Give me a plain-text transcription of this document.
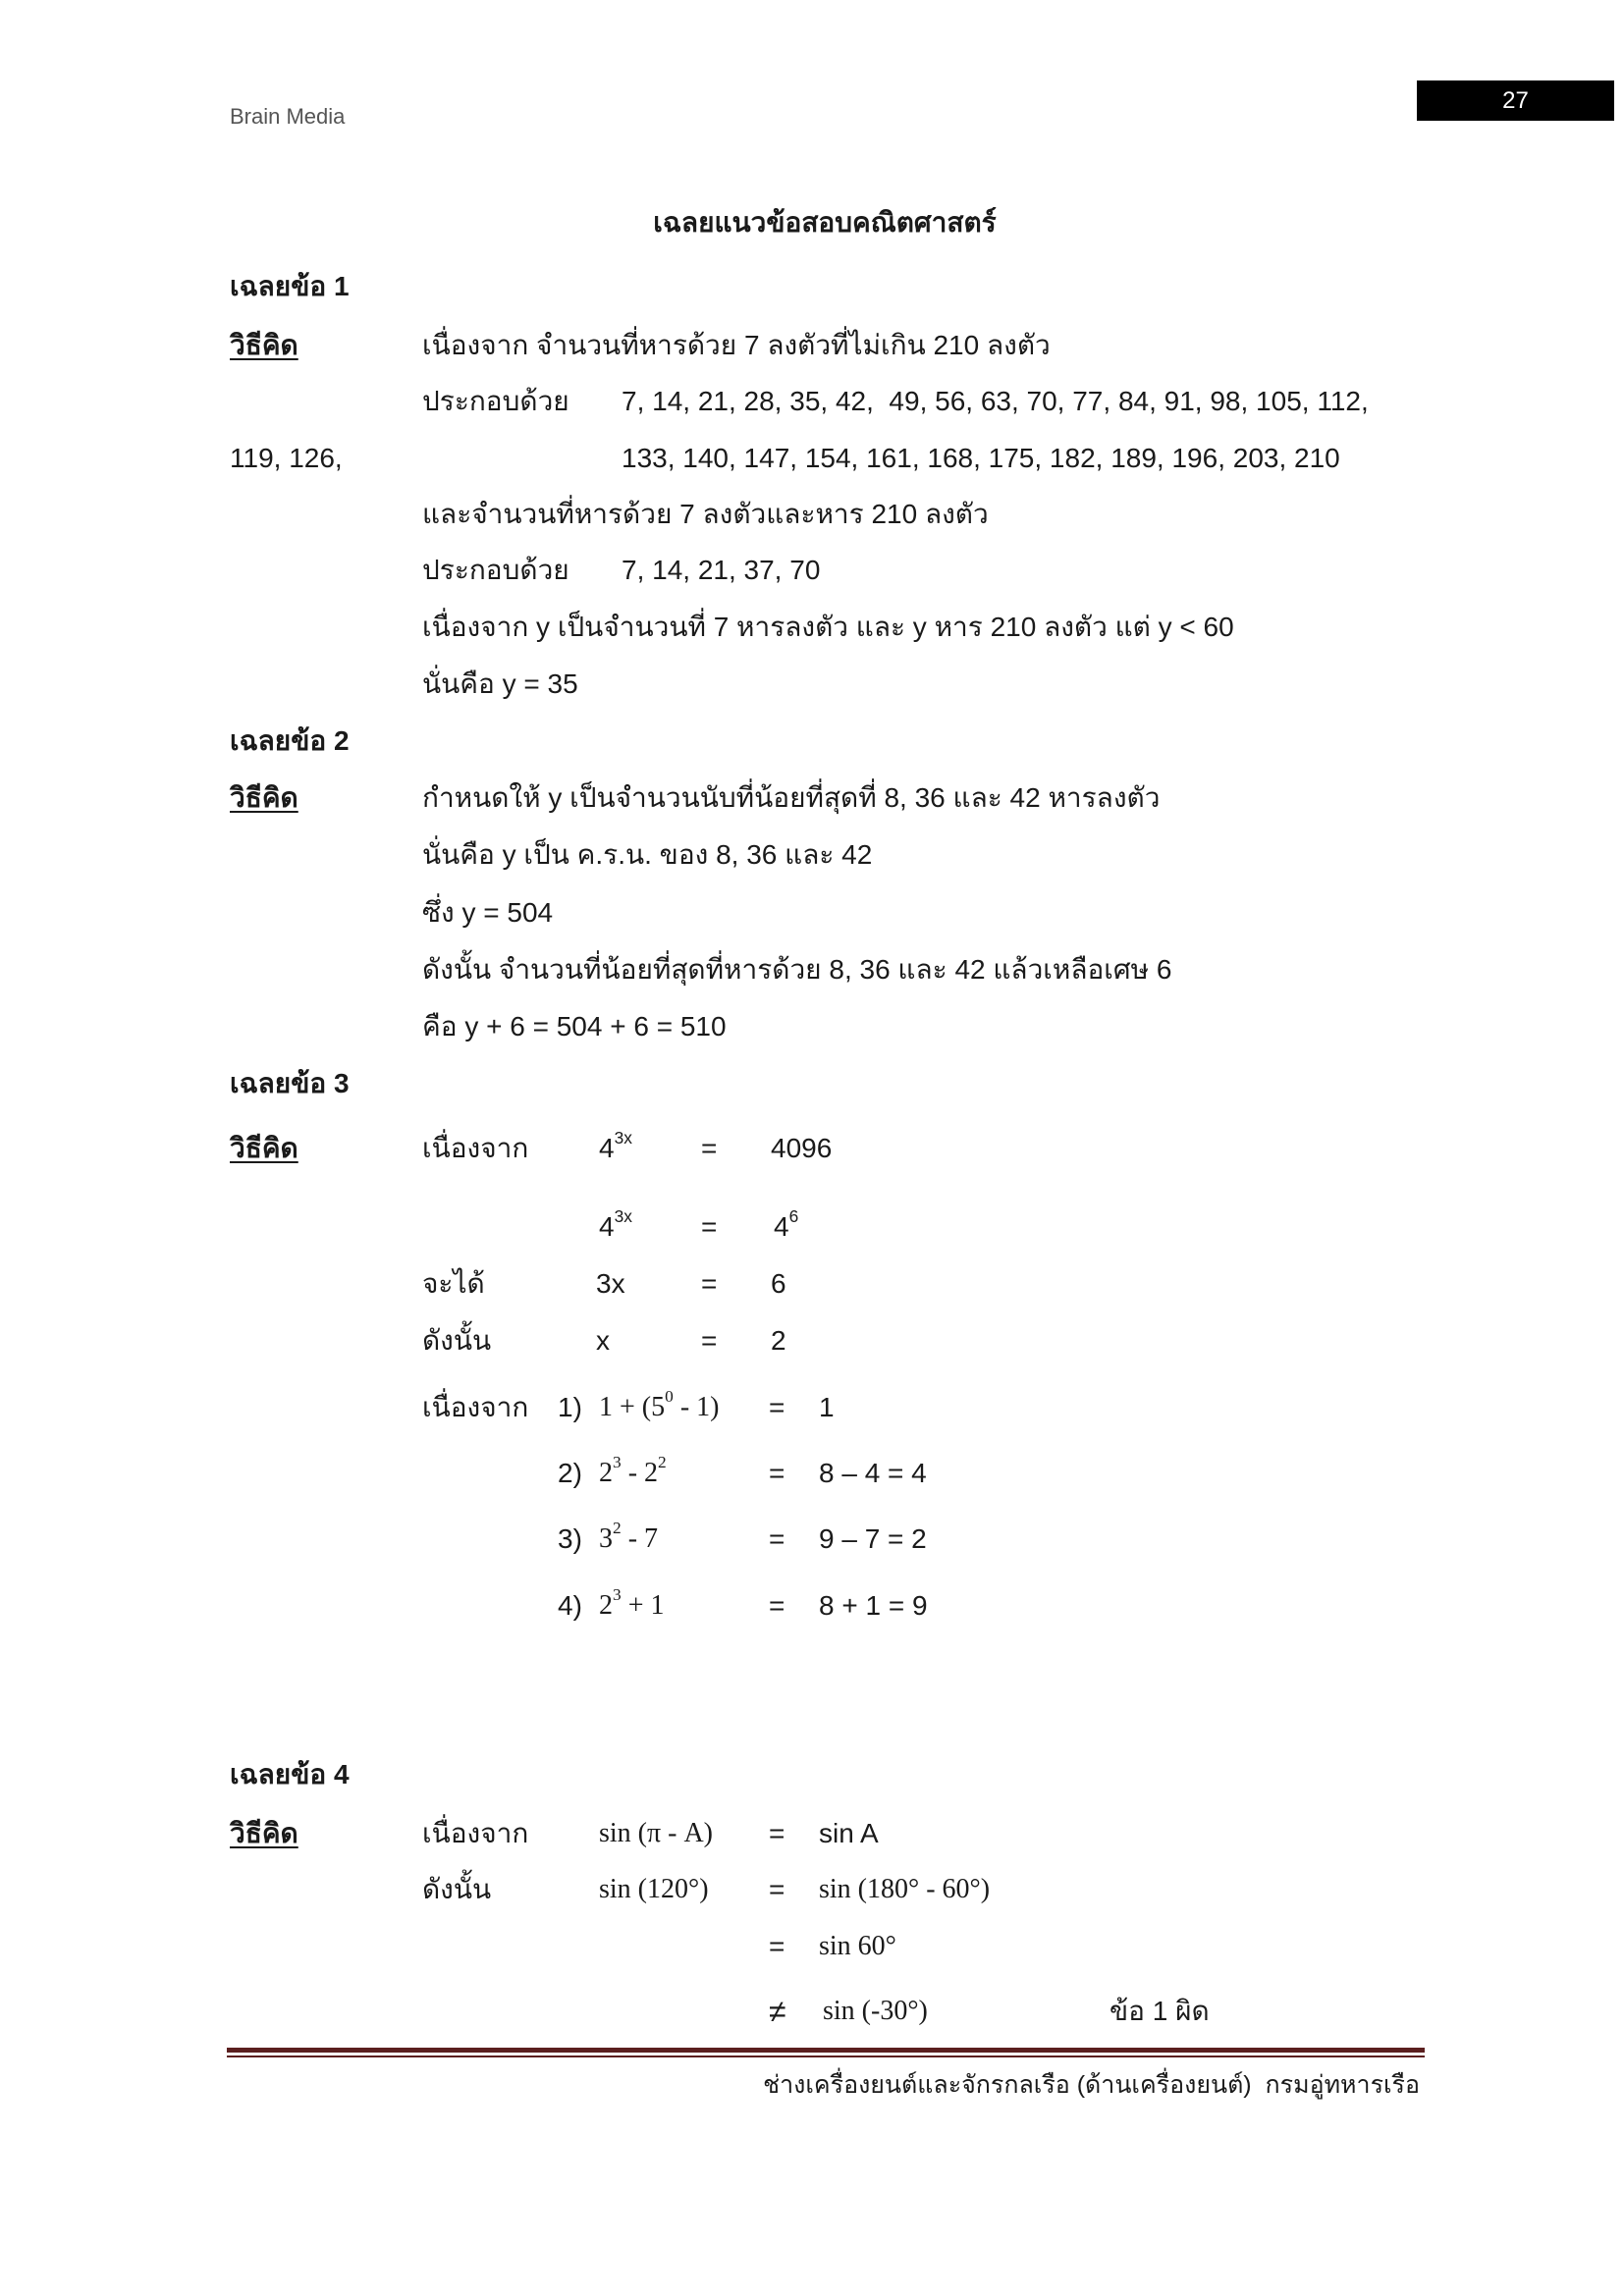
Brain Media
27
เฉลยแนวข้อสอบคณิตศาสตร์
เฉลยข้อ 1
วิธีคิด	เนื่องจาก จำนวนที่หารด้วย 7 ลงตัวที่ไม่เกิน 210 ลงตัว
ประกอบด้วย 7, 14, 21, 28, 35, 42,  49, 56, 63, 70, 77, 84, 91, 98, 105, 112,
119, 126,	133, 140, 147, 154, 161, 168, 175, 182, 189, 196, 203, 210
และจำนวนที่หารด้วย 7 ลงตัวและหาร 210 ลงตัว
ประกอบด้วย 7, 14, 21, 37, 70
เนื่องจาก y เป็นจำนวนที่ 7 หารลงตัว และ y หาร 210 ลงตัว แต่ y < 60
นั่นคือ y = 35
เฉลยข้อ 2
วิธีคิด	กำหนดให้ y เป็นจำนวนนับที่น้อยที่สุดที่ 8, 36 และ 42 หารลงตัว
นั่นคือ y เป็น ค.ร.น. ของ 8, 36 และ 42
ซึ่ง y = 504
ดังนั้น จำนวนที่น้อยที่สุดที่หารด้วย 8, 36 และ 42 แล้วเหลือเศษ 6
คือ y + 6 = 504 + 6 = 510
เฉลยข้อ 3
วิธีคิด	เนื่องจาก	$4^{3x}$	= 4096
$4^{3x}$	= $4^6$
จะได้	3x	= 6
ดังนั้น	x	= 2
เนื่องจาก 1) $1 + (5^0 - 1) = 1$
2) $2^3 - 2^2$	= 8 – 4 = 4
3) $3^2 - 7$	= 9 – 7 = 2
4) $2^3 + 1$	= 8 + 1 = 9
เฉลยข้อ 4
วิธีคิด	เนื่องจาก	sin (π - A) = sin A
ดังนั้น	sin (120°) = sin (180° - 60°)
= sin 60°
≠ sin (-30°)	ข้อ 1 ผิด
ช่างเครื่องยนต์และจักรกลเรือ (ด้านเครื่องยนต์)  กรมอู่ทหารเรือ
